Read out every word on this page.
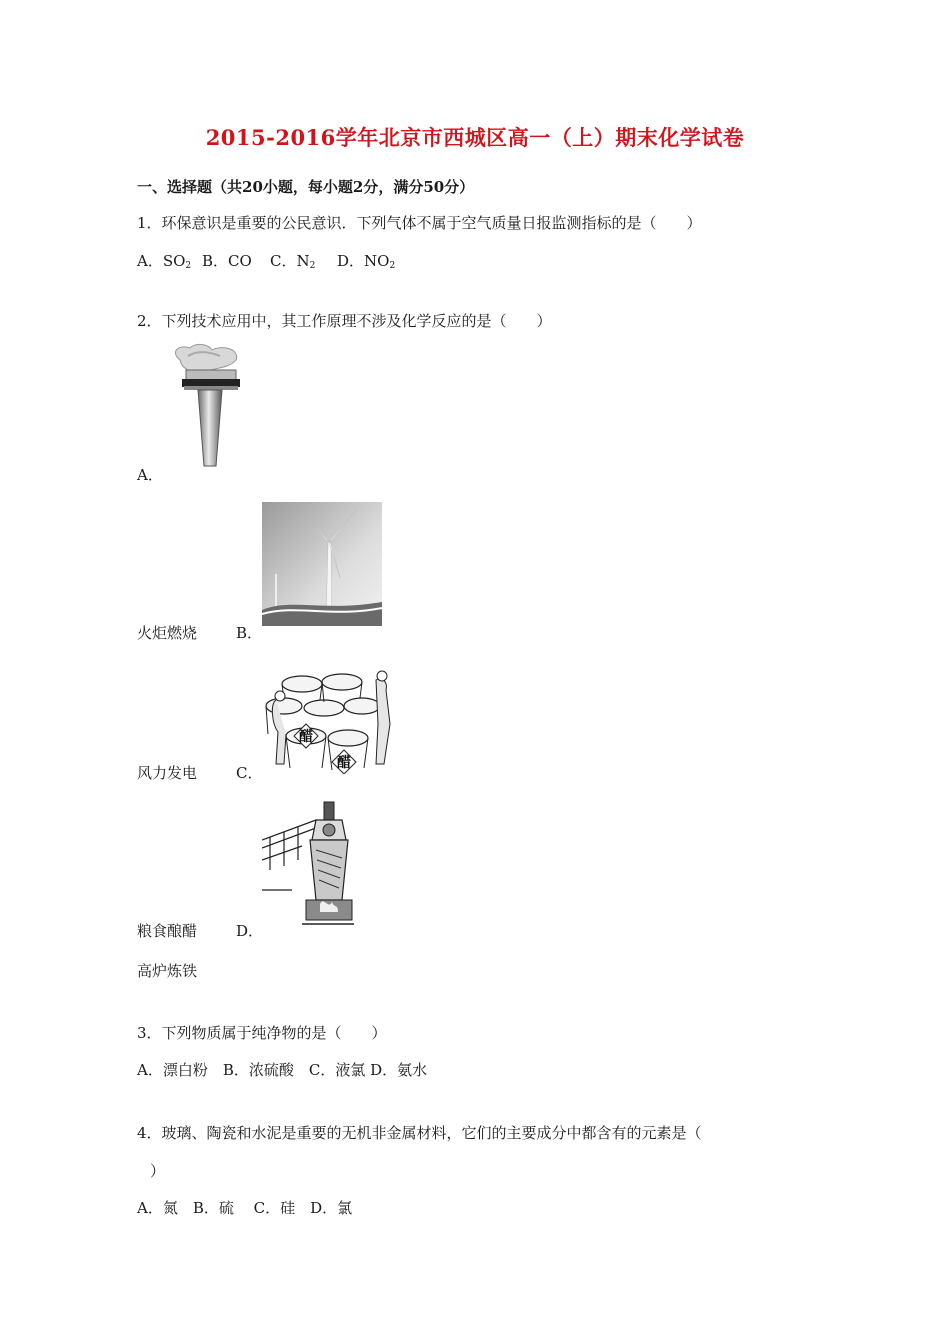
2015-2016学年北京市西城区高一（上）期末化学试卷
一、选择题（共20小题，每小题2分，满分50分）
1．环保意识是重要的公民意识．下列气体不属于空气质量日报监测指标的是（　　）
A．$SO_2$ B．CO C．$N_2$ D．$NO_2$
2．下列技术应用中，其工作原理不涉及化学反应的是（　　）
A．
火炬燃烧	B．
醋
醋
风力发电	C．
粮食酿醋	D．
高炉炼铁
3．下列物质属于纯净物的是（　　）
A．漂白粉　B．浓硫酸　C．液氯 D．氨水
4．玻璃、陶瓷和水泥是重要的无机非金属材料，它们的主要成分中都含有的元素是（
）
A．氮　B．硫　 C．硅　D．氯
